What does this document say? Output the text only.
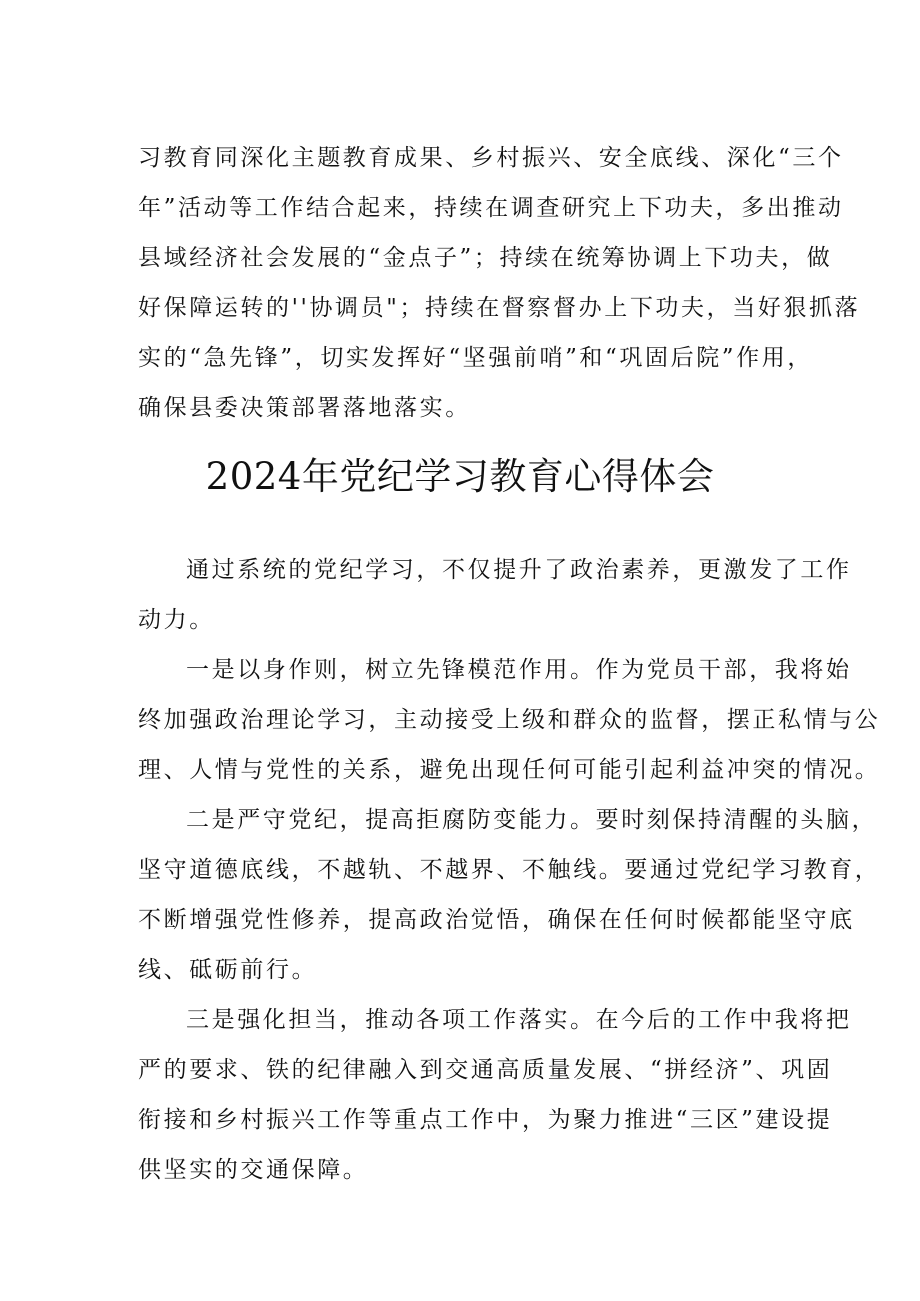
习教育同深化主题教育成果、乡村振兴、安全底线、深化“三个
年”活动等工作结合起来，持续在调查研究上下功夫，多出推动
县域经济社会发展的“金点子”；持续在统筹协调上下功夫，做
好保障运转的''协调员"；持续在督察督办上下功夫，当好狠抓落
实的“急先锋”，切实发挥好“坚强前哨”和“巩固后院”作用，
确保县委决策部署落地落实。
2024年党纪学习教育心得体会
通过系统的党纪学习，不仅提升了政治素养，更激发了工作
动力。
一是以身作则，树立先锋模范作用。作为党员干部，我将始
终加强政治理论学习，主动接受上级和群众的监督，摆正私情与公
理、人情与党性的关系，避免出现任何可能引起利益冲突的情况。
二是严守党纪，提高拒腐防变能力。要时刻保持清醒的头脑，
坚守道德底线，不越轨、不越界、不触线。要通过党纪学习教育，
不断增强党性修养，提高政治觉悟，确保在任何时候都能坚守底
线、砥砺前行。
三是强化担当，推动各项工作落实。在今后的工作中我将把
严的要求、铁的纪律融入到交通高质量发展、“拼经济”、巩固
衔接和乡村振兴工作等重点工作中，为聚力推进“三区”建设提
供坚实的交通保障。
